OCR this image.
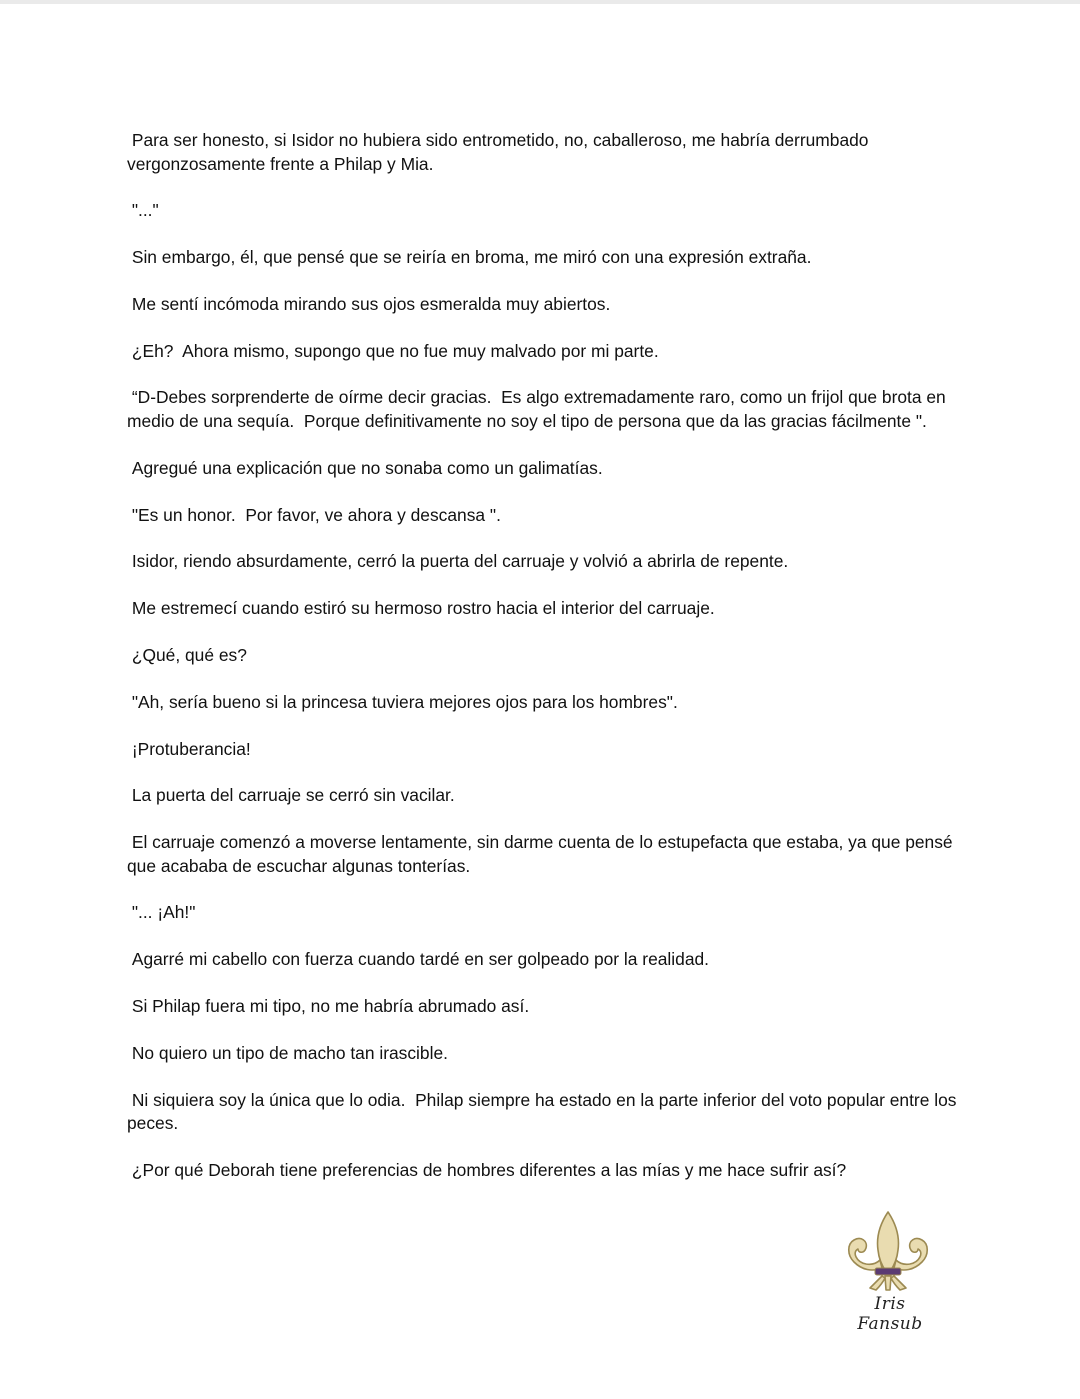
Para ser honesto, si Isidor no hubiera sido entrometido, no, caballeroso, me habría derrumbado vergonzosamente frente a Philap y Mia.

"..."

Sin embargo, él, que pensé que se reiría en broma, me miró con una expresión extraña.

Me sentí incómoda mirando sus ojos esmeralda muy abiertos.

¿Eh?  Ahora mismo, supongo que no fue muy malvado por mi parte.

“D-Debes sorprenderte de oírme decir gracias.  Es algo extremadamente raro, como un frijol que brota en medio de una sequía.  Porque definitivamente no soy el tipo de persona que da las gracias fácilmente ".

Agregué una explicación que no sonaba como un galimatías.

"Es un honor.  Por favor, ve ahora y descansa ".

Isidor, riendo absurdamente, cerró la puerta del carruaje y volvió a abrirla de repente.

Me estremecí cuando estiró su hermoso rostro hacia el interior del carruaje.

¿Qué, qué es?

"Ah, sería bueno si la princesa tuviera mejores ojos para los hombres".

¡Protuberancia!

La puerta del carruaje se cerró sin vacilar.

El carruaje comenzó a moverse lentamente, sin darme cuenta de lo estupefacta que estaba, ya que pensé que acababa de escuchar algunas tonterías.

"... ¡Ah!"

Agarré mi cabello con fuerza cuando tardé en ser golpeado por la realidad.

Si Philap fuera mi tipo, no me habría abrumado así.

No quiero un tipo de macho tan irascible.

Ni siquiera soy la única que lo odia.  Philap siempre ha estado en la parte inferior del voto popular entre los peces.

¿Por qué Deborah tiene preferencias de hombres diferentes a las mías y me hace sufrir así?

Iris Fansub
